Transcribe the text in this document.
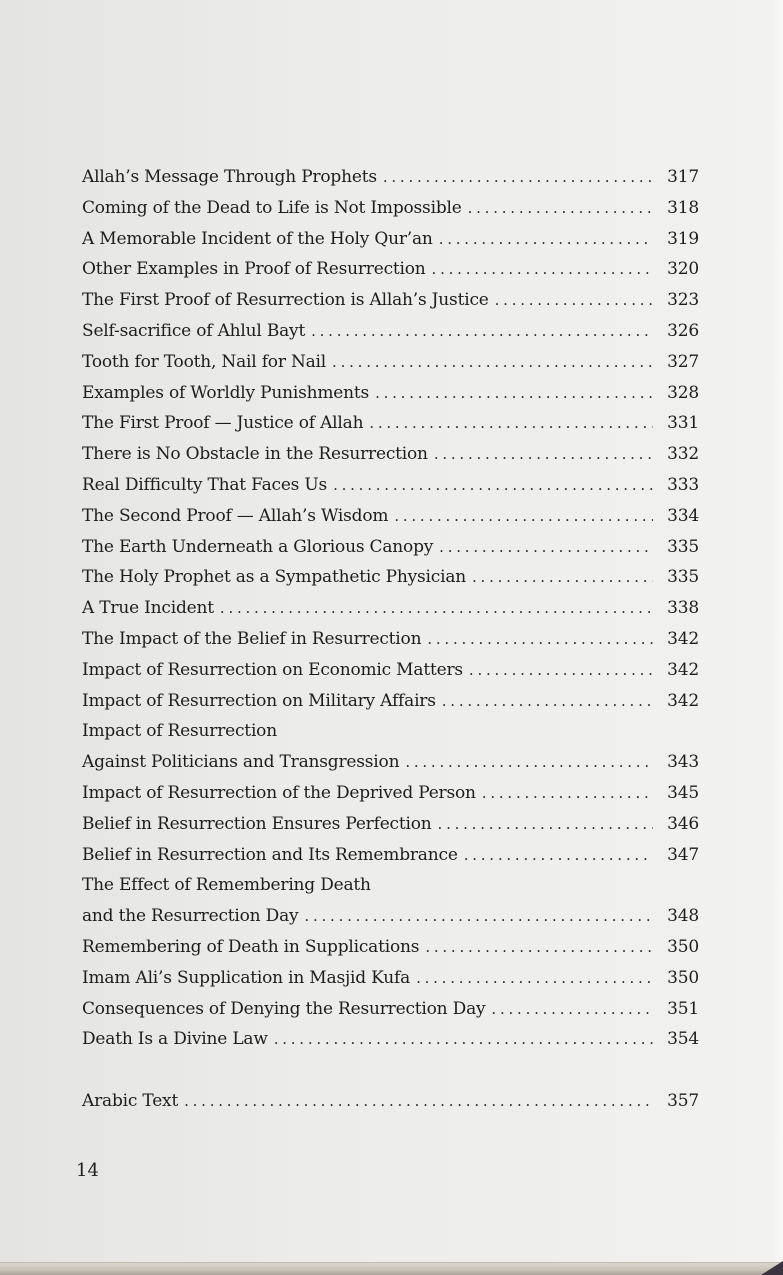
Allah’s Message Through Prophets . . .	317
Coming of the Dead to Life is Not Impossible . . .	318
A Memorable Incident of the Holy Qur’an . . .	319
Other Examples in Proof of Resurrection . . .	320
The First Proof of Resurrection is Allah’s Justice . . .	323
Self-sacrifice of Ahlul Bayt . . .	326
Tooth for Tooth, Nail for Nail . . .	327
Examples of Worldly Punishments . . .	328
The First Proof — Justice of Allah . . .	331
There is No Obstacle in the Resurrection . . .	332
Real Difficulty That Faces Us . . .	333
The Second Proof — Allah’s Wisdom . . .	334
The Earth Underneath a Glorious Canopy . . .	335
The Holy Prophet as a Sympathetic Physician . . .	335
A True Incident . . .	338
The Impact of the Belief in Resurrection . . .	342
Impact of Resurrection on Economic Matters . . .	342
Impact of Resurrection on Military Affairs . . .	342
Impact of Resurrection
Against Politicians and Transgression . . .	343
Impact of Resurrection of the Deprived Person . . .	345
Belief in Resurrection Ensures Perfection . . .	346
Belief in Resurrection and Its Remembrance . . .	347
The Effect of Remembering Death
and the Resurrection Day . . .	348
Remembering of Death in Supplications . . .	350
Imam Ali’s Supplication in Masjid Kufa . . .	350
Consequences of Denying the Resurrection Day . . .	351
Death Is a Divine Law . . .	354
Arabic Text . . .	357
14
